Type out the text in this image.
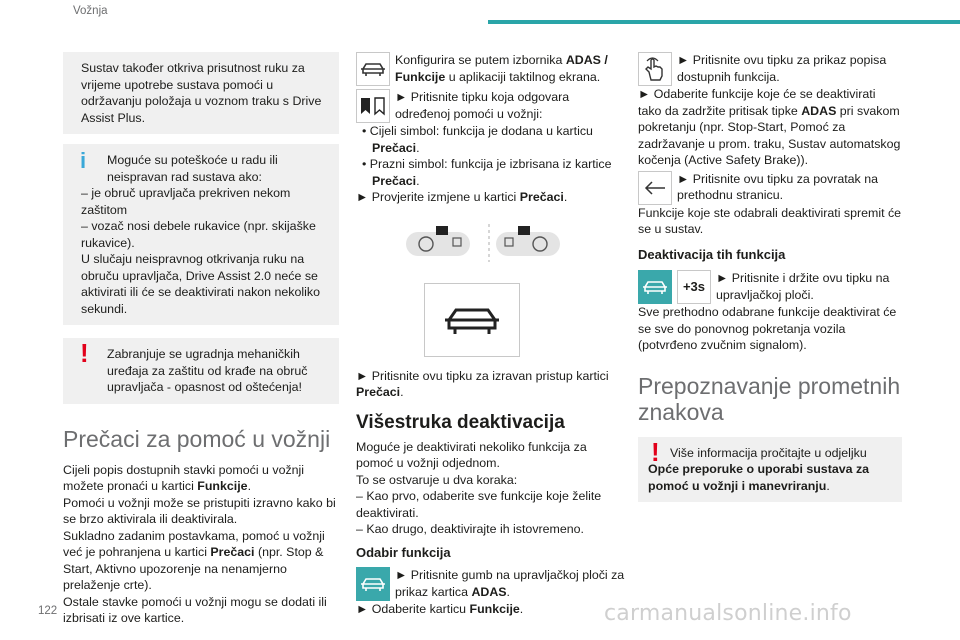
Vožnja
Sustav također otkriva prisutnost ruku za vrijeme upotrebe sustava pomoći u održavanju položaja u voznom traku s Drive Assist Plus.
i	Moguće su poteškoće u radu ili neispravan rad sustava ako:
– je obruč upravljača prekriven nekom zaštitom
– vozač nosi debele rukavice (npr. skijaške rukavice).
U slučaju neispravnog otkrivanja ruku na obruču upravljača, Drive Assist 2.0 neće se aktivirati ili će se deaktivirati nakon nekoliko sekundi.
!	Zabranjuje se ugradnja mehaničkih uređaja za zaštitu od krađe na obruč upravljača - opasnost od oštećenja!
Prečaci za pomoć u vožnji
Cijeli popis dostupnih stavki pomoći u vožnji možete pronaći u kartici Funkcije.
Pomoći u vožnji može se pristupiti izravno kako bi se brzo aktivirala ili deaktivirala.
Sukladno zadanim postavkama, pomoć u vožnji već je pohranjena u kartici Prečaci (npr. Stop & Start, Aktivno upozorenje na nenamjerno prelaženje crte).
Ostale stavke pomoći u vožnji mogu se dodati ili izbrisati iz ove kartice.
Konfigurira se putem izbornika ADAS / Funkcije u aplikaciji taktilnog ekrana.
► Pritisnite tipku koja odgovara određenoj pomoći u vožnji:
• Cijeli simbol: funkcija je dodana u karticu Prečaci.
• Prazni simbol: funkcija je izbrisana iz kartice Prečaci.
► Provjerite izmjene u kartici Prečaci.
► Pritisnite ovu tipku za izravan pristup kartici Prečaci.
Višestruka deaktivacija
Moguće je deaktivirati nekoliko funkcija za pomoć u vožnji odjednom.
To se ostvaruje u dva koraka:
– Kao prvo, odaberite sve funkcije koje želite deaktivirati.
– Kao drugo, deaktivirajte ih istovremeno.
Odabir funkcija
► Pritisnite gumb na upravljačkoj ploči za prikaz kartica ADAS.
► Odaberite karticu Funkcije.
► Pritisnite ovu tipku za prikaz popisa dostupnih funkcija.
► Odaberite funkcije koje će se deaktivirati tako da zadržite pritisak tipke ADAS pri svakom pokretanju (npr. Stop-Start, Pomoć za zadržavanje u prom. traku, Sustav automatskog kočenja (Active Safety Brake)).
► Pritisnite ovu tipku za povratak na prethodnu stranicu.
Funkcije koje ste odabrali deaktivirati spremit će se u sustav.
Deaktivacija tih funkcija
+3s
► Pritisnite i držite ovu tipku na upravljačkoj ploči.
Sve prethodno odabrane funkcije deaktivirat će se sve do ponovnog pokretanja vozila (potvrđeno zvučnim signalom).
Prepoznavanje prometnih znakova
! Više informacija pročitajte u odjeljku Opće preporuke o uporabi sustava za pomoć u vožnji i manevriranju.
122	carmanualsonline.info
